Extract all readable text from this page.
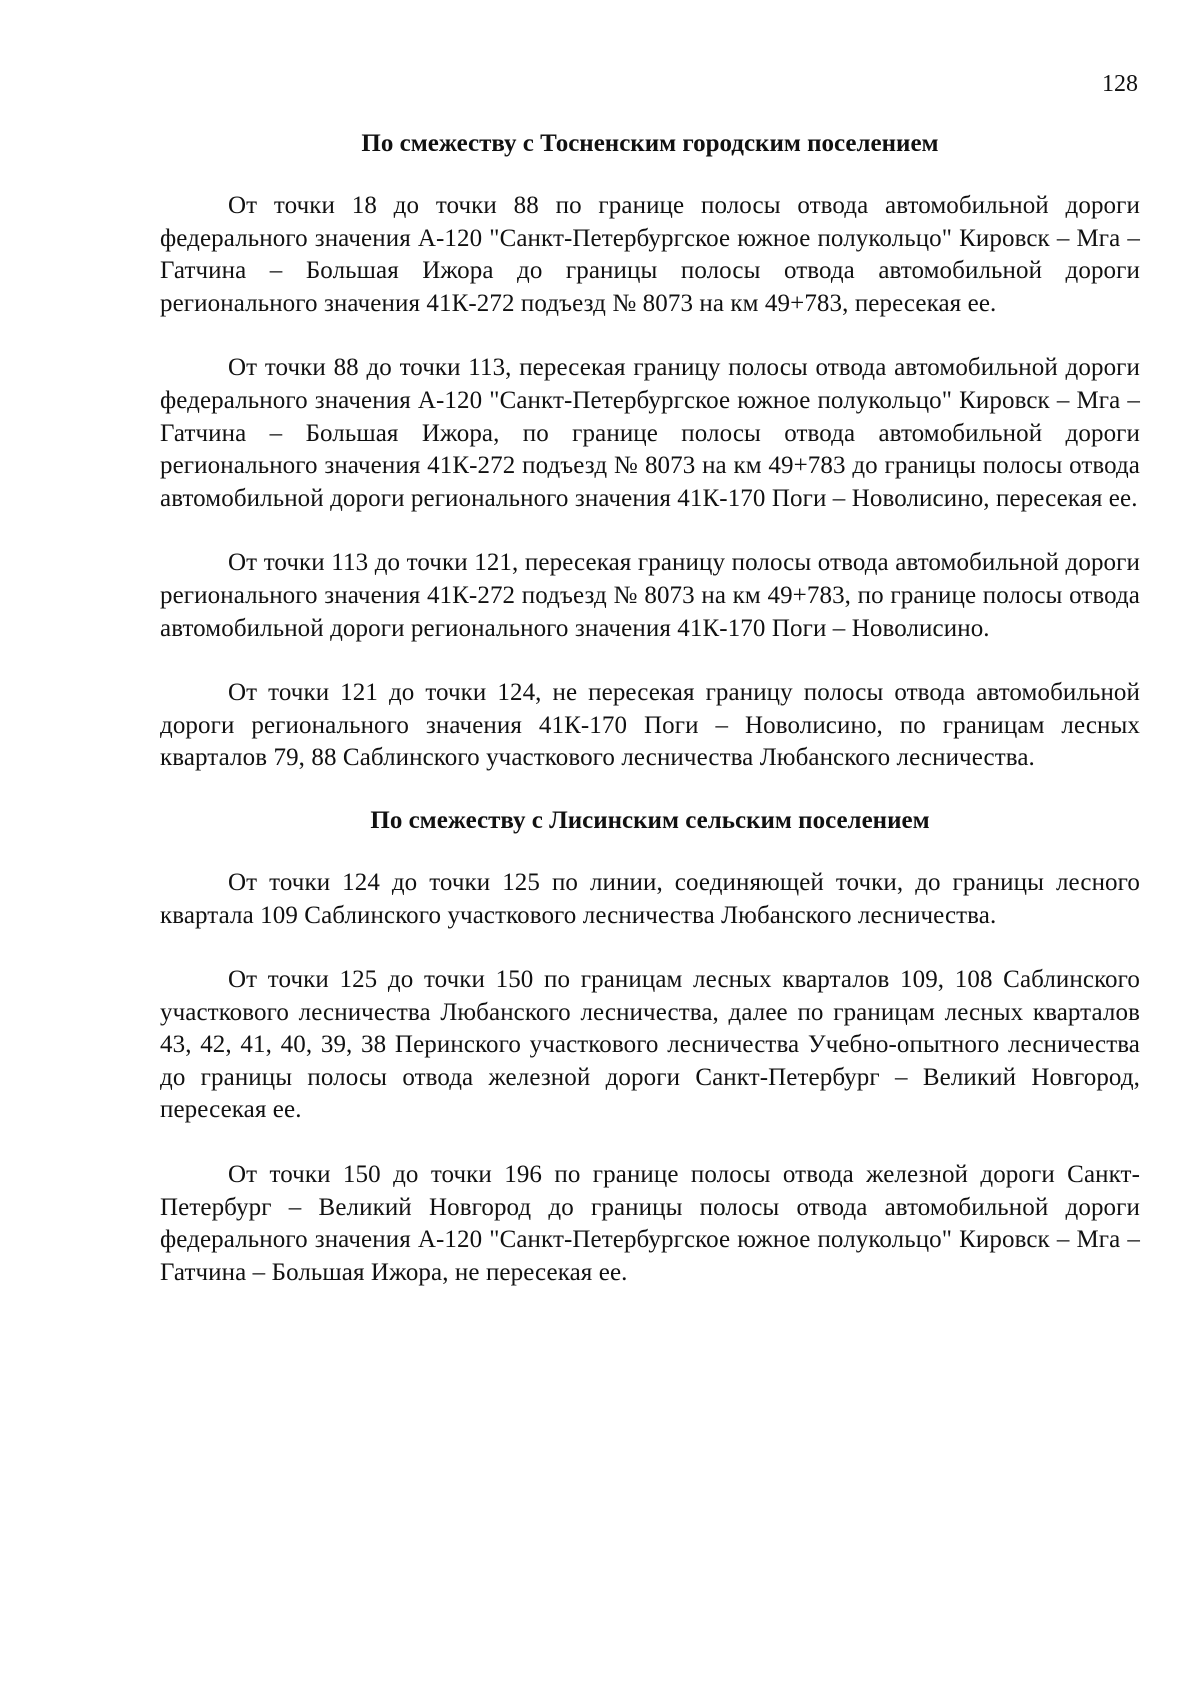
128
По смежеству с Тосненским городским поселением

От точки 18 до точки 88 по границе полосы отвода автомобильной дороги федерального значения А-120 "Санкт-Петербургское южное полукольцо" Кировск – Мга – Гатчина – Большая Ижора до границы полосы отвода автомобильной дороги регионального значения 41К-272 подъезд № 8073 на км 49+783, пересекая ее.

От точки 88 до точки 113, пересекая границу полосы отвода автомобильной дороги федерального значения А-120 "Санкт-Петербургское южное полукольцо" Кировск – Мга – Гатчина – Большая Ижора, по границе полосы отвода автомобильной дороги регионального значения 41К-272 подъезд № 8073 на км 49+783 до границы полосы отвода автомобильной дороги регионального значения 41К-170 Поги – Новолисино, пересекая ее.

От точки 113 до точки 121, пересекая границу полосы отвода автомобильной дороги регионального значения 41К-272 подъезд № 8073 на км 49+783, по границе полосы отвода автомобильной дороги регионального значения 41К-170 Поги – Новолисино.

От точки 121 до точки 124, не пересекая границу полосы отвода автомобильной дороги регионального значения 41К-170 Поги – Новолисино, по границам лесных кварталов 79, 88 Саблинского участкового лесничества Любанского лесничества.

По смежеству с Лисинским сельским поселением

От точки 124 до точки 125 по линии, соединяющей точки, до границы лесного квартала 109 Саблинского участкового лесничества Любанского лесничества.

От точки 125 до точки 150 по границам лесных кварталов 109, 108 Саблинского участкового лесничества Любанского лесничества, далее по границам лесных кварталов 43, 42, 41, 40, 39, 38 Перинского участкового лесничества Учебно-опытного лесничества до границы полосы отвода железной дороги Санкт-Петербург – Великий Новгород, пересекая ее.

От точки 150 до точки 196 по границе полосы отвода железной дороги Санкт-Петербург – Великий Новгород до границы полосы отвода автомобильной дороги федерального значения А-120 "Санкт-Петербургское южное полукольцо" Кировск – Мга – Гатчина – Большая Ижора, не пересекая ее.
